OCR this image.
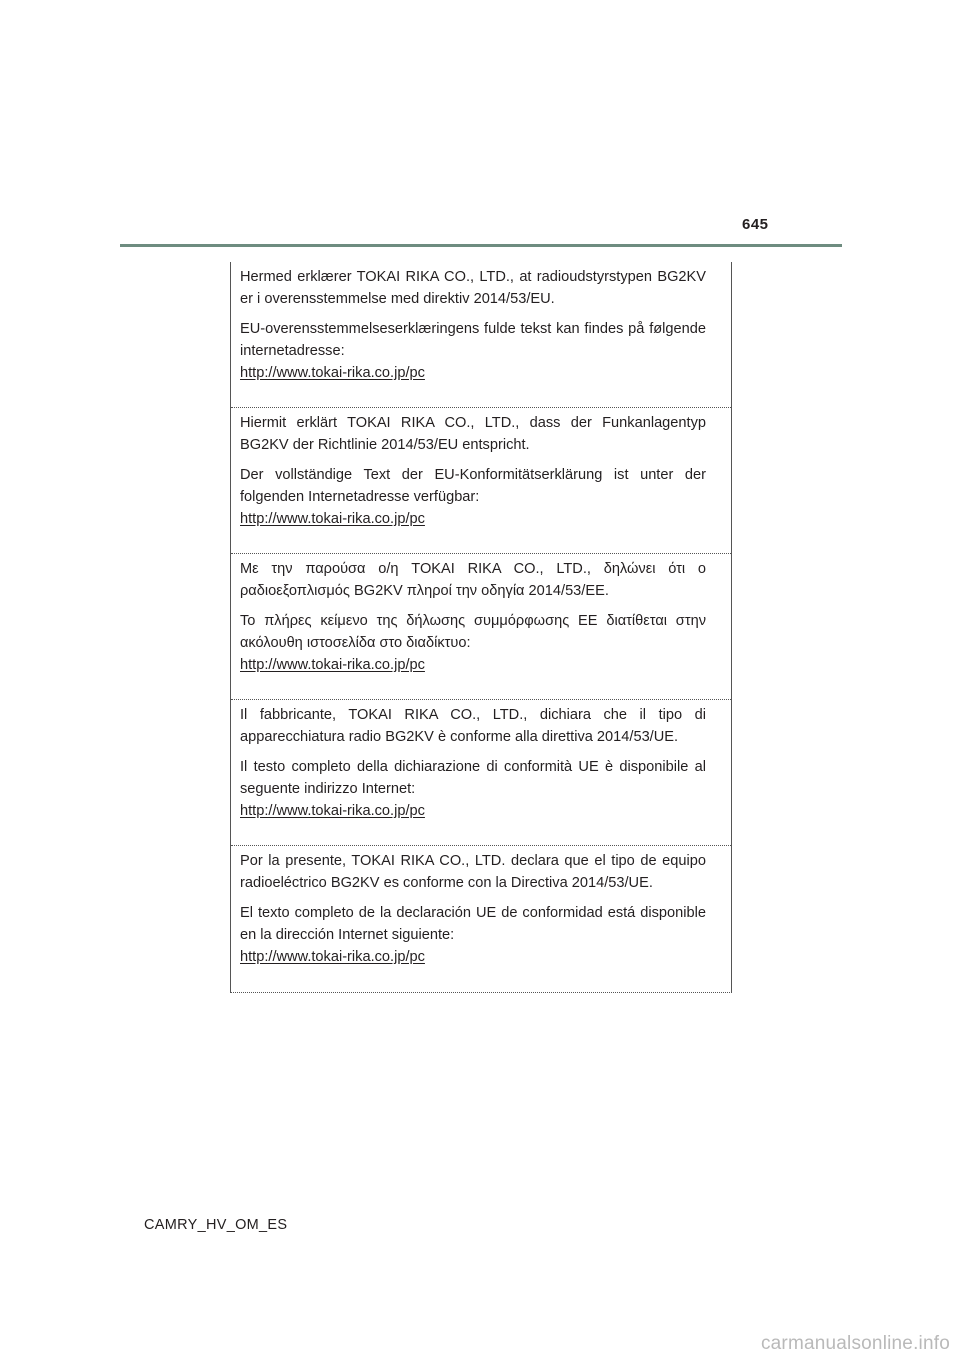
645

Hermed erklærer TOKAI RIKA CO., LTD., at radioudstyrstypen BG2KV er i overensstemmelse med direktiv 2014/53/EU.

EU-overensstemmelseserklæringens fulde tekst kan findes på følgende internetadresse:
http://www.tokai-rika.co.jp/pc

Hiermit erklärt TOKAI RIKA CO., LTD., dass der Funkanlagentyp BG2KV der Richtlinie 2014/53/EU entspricht.

Der vollständige Text der EU-Konformitätserklärung ist unter der folgenden Internetadresse verfügbar:
http://www.tokai-rika.co.jp/pc

Με την παρούσα ο/η TOKAI RIKA CO., LTD., δηλώνει ότι ο ραδιοεξοπλισμός BG2KV πληροί την οδηγία 2014/53/ΕΕ.

Το πλήρες κείμενο της δήλωσης συμμόρφωσης ΕΕ διατίθεται στην ακόλουθη ιστοσελίδα στο διαδίκτυο:
http://www.tokai-rika.co.jp/pc

Il fabbricante, TOKAI RIKA CO., LTD., dichiara che il tipo di apparecchiatura radio BG2KV è conforme alla direttiva 2014/53/UE.

Il testo completo della dichiarazione di conformità UE è disponibile al seguente indirizzo Internet:
http://www.tokai-rika.co.jp/pc

Por la presente, TOKAI RIKA CO., LTD. declara que el tipo de equipo radioeléctrico BG2KV es conforme con la Directiva 2014/53/UE.

El texto completo de la declaración UE de conformidad está disponible en la dirección Internet siguiente:
http://www.tokai-rika.co.jp/pc

CAMRY_HV_OM_ES
carmanualsonline.info
